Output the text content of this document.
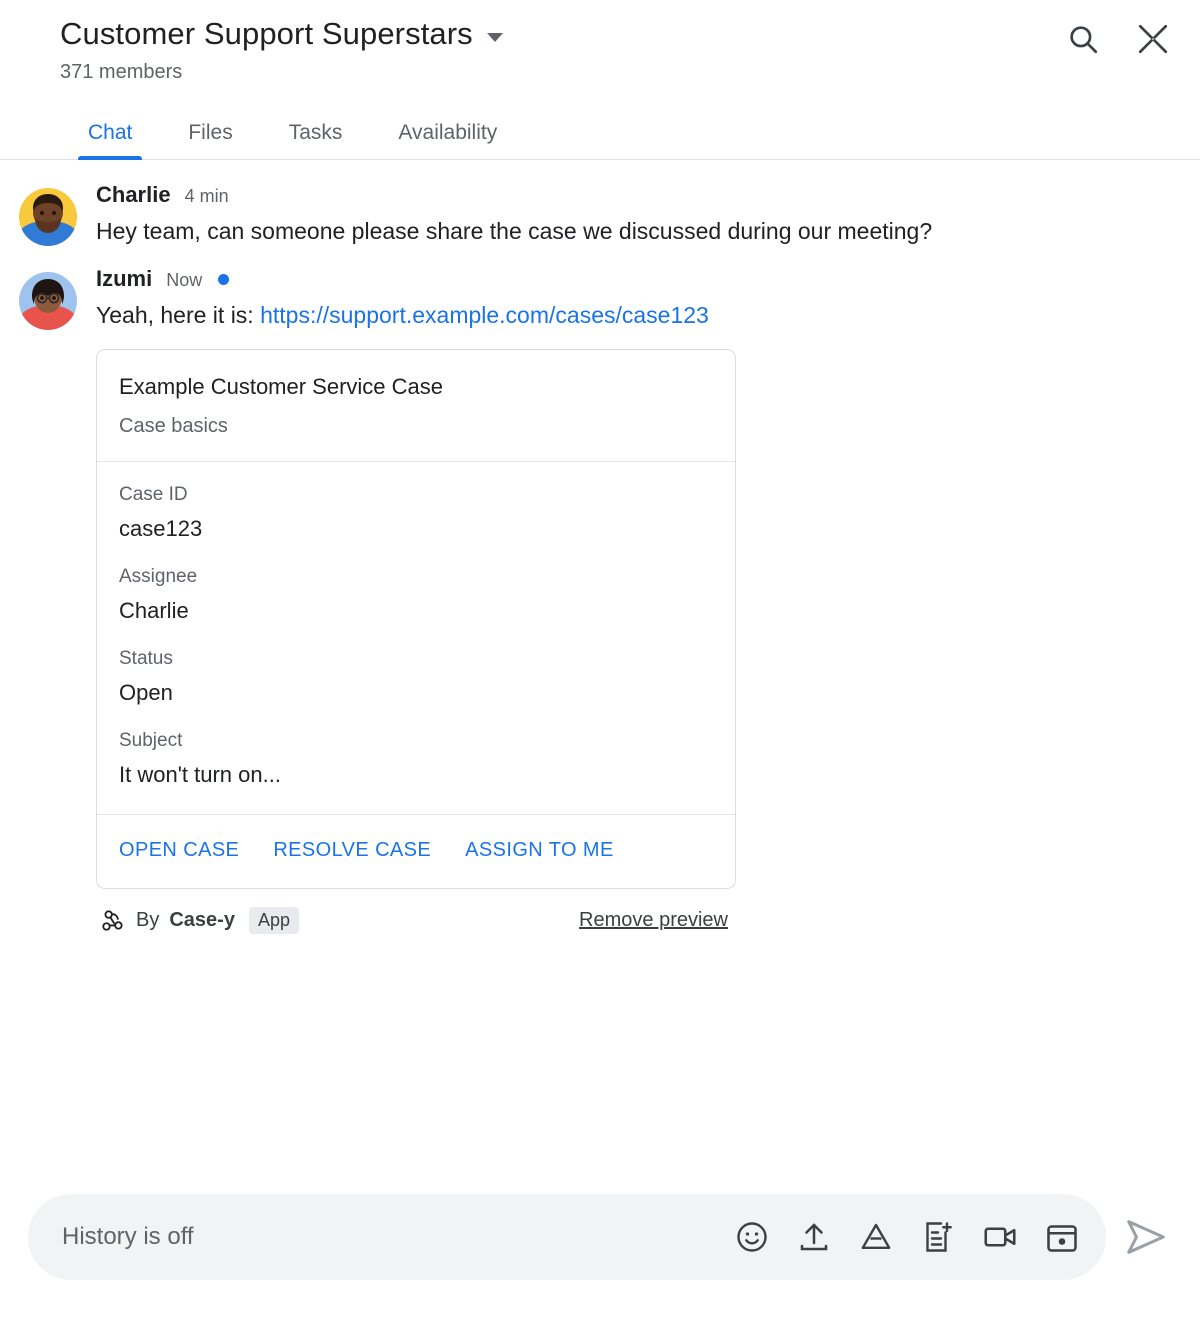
Customer Support Superstars
371 members
Chat	Files	Tasks	Availability
Charlie 4 min
Hey team, can someone please share the case we discussed during our meeting?
Izumi Now
Yeah, here it is: https://support.example.com/cases/case123
Example Customer Service Case
Case basics
Case ID
case123
Assignee
Charlie
Status
Open
Subject
It won't turn on...
OPEN CASE RESOLVE CASE ASSIGN TO ME
By Case-y	App	Remove preview
History is off
